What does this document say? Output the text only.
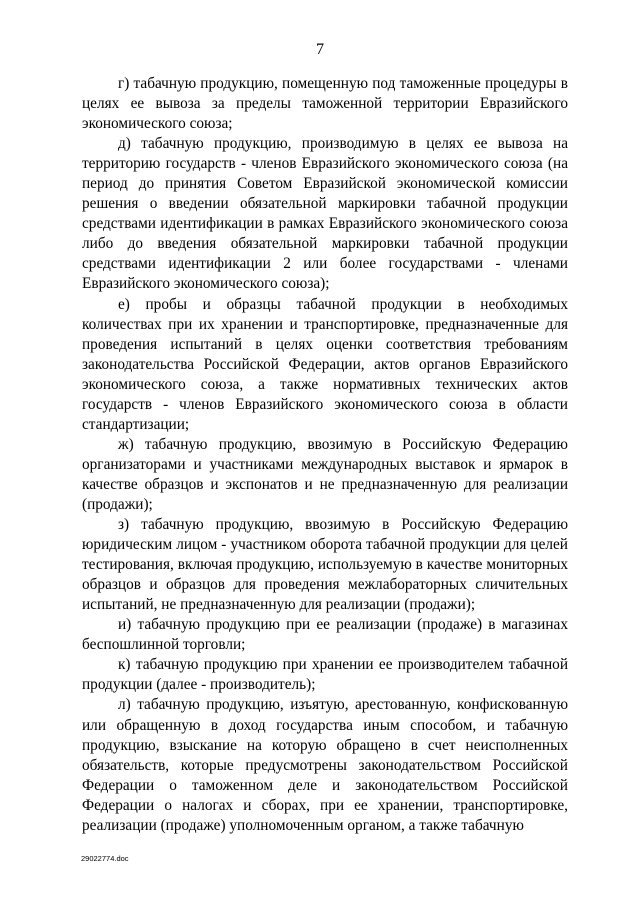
7

г) табачную продукцию, помещенную под таможенные процедуры в целях ее вывоза за пределы таможенной территории Евразийского экономического союза;

д) табачную продукцию, производимую в целях ее вывоза на территорию государств - членов Евразийского экономического союза (на период до принятия Советом Евразийской экономической комиссии решения о введении обязательной маркировки табачной продукции средствами идентификации в рамках Евразийского экономического союза либо до введения обязательной маркировки табачной продукции средствами идентификации 2 или более государствами - членами Евразийского экономического союза);

е) пробы и образцы табачной продукции в необходимых количествах при их хранении и транспортировке, предназначенные для проведения испытаний в целях оценки соответствия требованиям законодательства Российской Федерации, актов органов Евразийского экономического союза, а также нормативных технических актов государств - членов Евразийского экономического союза в области стандартизации;

ж) табачную продукцию, ввозимую в Российскую Федерацию организаторами и участниками международных выставок и ярмарок в качестве образцов и экспонатов и не предназначенную для реализации (продажи);

з) табачную продукцию, ввозимую в Российскую Федерацию юридическим лицом - участником оборота табачной продукции для целей тестирования, включая продукцию, используемую в качестве мониторных образцов и образцов для проведения межлабораторных сличительных испытаний, не предназначенную для реализации (продажи);

и) табачную продукцию при ее реализации (продаже) в магазинах беспошлинной торговли;

к) табачную продукцию при хранении ее производителем табачной продукции (далее - производитель);

л) табачную продукцию, изъятую, арестованную, конфискованную или обращенную в доход государства иным способом, и табачную продукцию, взыскание на которую обращено в счет неисполненных обязательств, которые предусмотрены законодательством Российской Федерации о таможенном деле и законодательством Российской Федерации о налогах и сборах, при ее хранении, транспортировке, реализации (продаже) уполномоченным органом, а также табачную

29022774.doc
